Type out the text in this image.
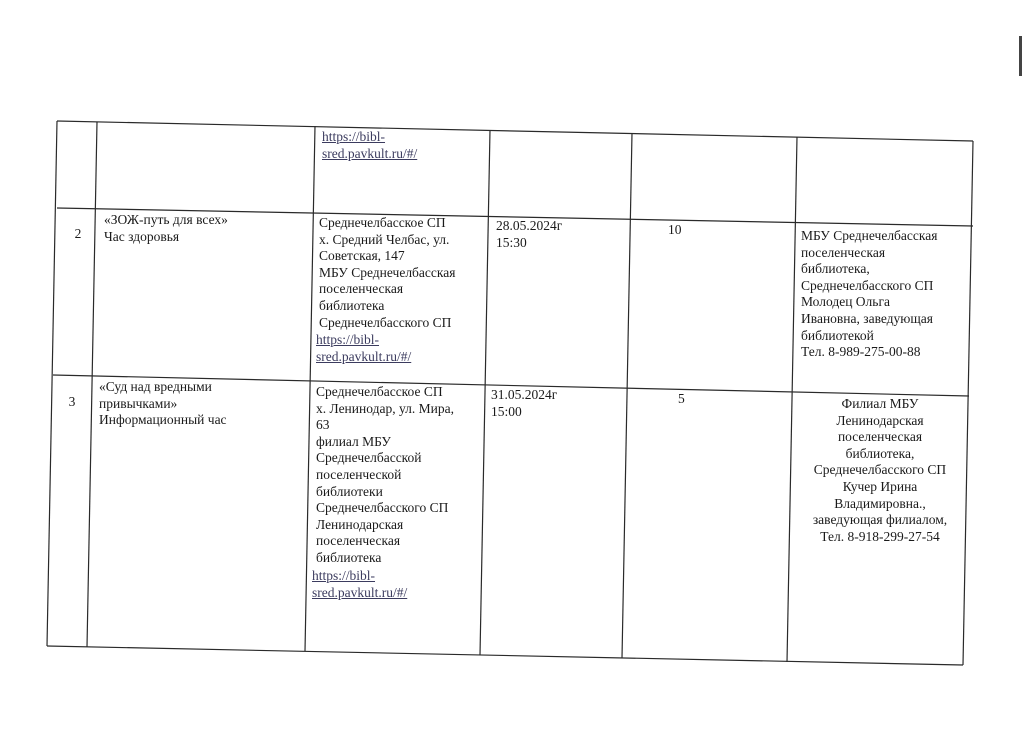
https://bibl-
sred.pavkult.ru/#/
2
«ЗОЖ-путь для всех»
Час здоровья
Среднечелбасское СП
х. Средний Челбас, ул.
Советская, 147
МБУ Среднечелбасская
поселенческая
библиотека
Среднечелбасского СП
https://bibl-
sred.pavkult.ru/#/
28.05.2024г
15:30
10	МБУ Среднечелбасская
поселенческая
библиотека,
Среднечелбасского СП
Молодец Ольга
Ивановна, заведующая
библиотекой
Тел. 8-989-275-00-88
3
«Суд над вредными
привычками»
Информационный час
Среднечелбасское СП
х. Ленинодар, ул. Мира,
63
филиал МБУ
Среднечелбасской
поселенческой
библиотеки
Среднечелбасского СП
Ленинодарская
поселенческая
библиотека
https://bibl-
sred.pavkult.ru/#/
31.05.2024г
15:00
5	Филиал МБУ
Ленинодарская
поселенческая
библиотека,
Среднечелбасского СП
Кучер Ирина
Владимировна.,
заведующая филиалом,
Тел. 8-918-299-27-54
